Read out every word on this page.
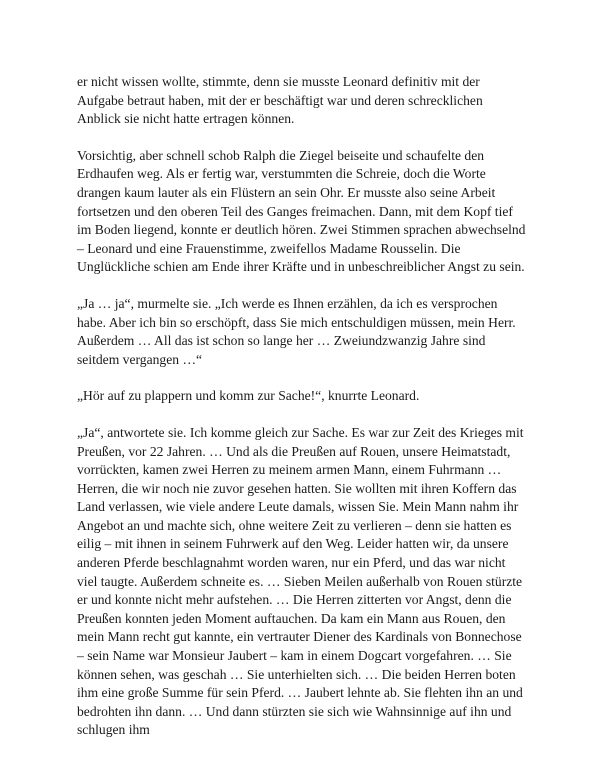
er nicht wissen wollte, stimmte, denn sie musste Leonard definitiv mit der Aufgabe betraut haben, mit der er beschäftigt war und deren schrecklichen Anblick sie nicht hatte ertragen können.

Vorsichtig, aber schnell schob Ralph die Ziegel beiseite und schaufelte den Erdhaufen weg. Als er fertig war, verstummten die Schreie, doch die Worte drangen kaum lauter als ein Flüstern an sein Ohr. Er musste also seine Arbeit fortsetzen und den oberen Teil des Ganges freimachen. Dann, mit dem Kopf tief im Boden liegend, konnte er deutlich hören. Zwei Stimmen sprachen abwechselnd – Leonard und eine Frauenstimme, zweifellos Madame Rousselin. Die Unglückliche schien am Ende ihrer Kräfte und in unbeschreiblicher Angst zu sein.

„Ja … ja“, murmelte sie. „Ich werde es Ihnen erzählen, da ich es versprochen habe. Aber ich bin so erschöpft, dass Sie mich entschuldigen müssen, mein Herr. Außerdem … All das ist schon so lange her … Zweiundzwanzig Jahre sind seitdem vergangen …“

„Hör auf zu plappern und komm zur Sache!“, knurrte Leonard.

„Ja“, antwortete sie. Ich komme gleich zur Sache. Es war zur Zeit des Krieges mit Preußen, vor 22 Jahren. … Und als die Preußen auf Rouen, unsere Heimatstadt, vorrückten, kamen zwei Herren zu meinem armen Mann, einem Fuhrmann … Herren, die wir noch nie zuvor gesehen hatten. Sie wollten mit ihren Koffern das Land verlassen, wie viele andere Leute damals, wissen Sie. Mein Mann nahm ihr Angebot an und machte sich, ohne weitere Zeit zu verlieren – denn sie hatten es eilig – mit ihnen in seinem Fuhrwerk auf den Weg. Leider hatten wir, da unsere anderen Pferde beschlagnahmt worden waren, nur ein Pferd, und das war nicht viel taugte. Außerdem schneite es. … Sieben Meilen außerhalb von Rouen stürzte er und konnte nicht mehr aufstehen. … Die Herren zitterten vor Angst, denn die Preußen konnten jeden Moment auftauchen. Da kam ein Mann aus Rouen, den mein Mann recht gut kannte, ein vertrauter Diener des Kardinals von Bonnechose – sein Name war Monsieur Jaubert – kam in einem Dogcart vorgefahren. … Sie können sehen, was geschah … Sie unterhielten sich. … Die beiden Herren boten ihm eine große Summe für sein Pferd. … Jaubert lehnte ab. Sie flehten ihn an und bedrohten ihn dann. … Und dann stürzten sie sich wie Wahnsinnige auf ihn und schlugen ihm
